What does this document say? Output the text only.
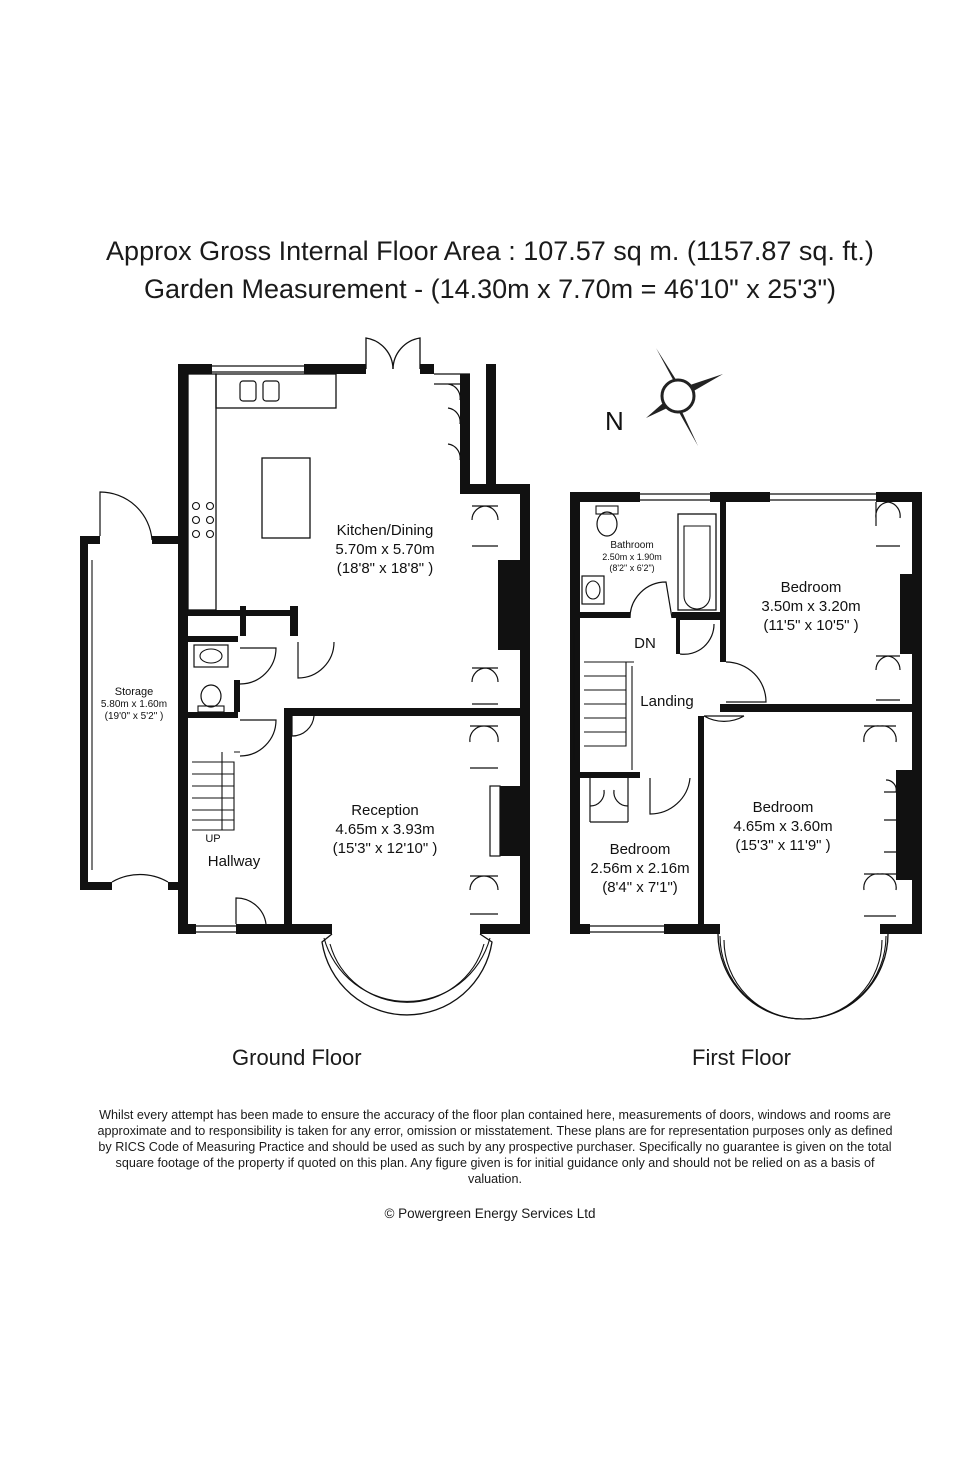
Approx Gross Internal Floor Area : 107.57 sq m. (1157.87 sq. ft.)
Garden Measurement - (14.30m x 7.70m = 46'10" x 25'3")
N
Kitchen/Dining
5.70m x 5.70m
(18'8" x 18'8" )
Reception
4.65m x 3.93m
(15'3" x 12'10" )
Storage
5.80m x 1.60m
(19'0" x 5'2" )
Hallway
UP
Bathroom
2.50m x 1.90m
(8'2" x 6'2")
Bedroom
3.50m x 3.20m
(11'5" x 10'5" )
Bedroom
4.65m x 3.60m
(15'3" x 11'9" )
Bedroom
2.56m x 2.16m
(8'4" x 7'1")
Landing
DN
Ground Floor	First Floor
Whilst every attempt has been made to ensure the accuracy of the floor plan contained here, measurements of doors, windows and rooms are approximate and to responsibility is taken for any error, omission or misstatement. These plans are for representation purposes only as defined by RICS Code of Measuring Practice and should be used as such by any prospective purchaser. Specifically no guarantee is given on the total square footage of the property if quoted on this plan. Any figure given is for initial guidance only and should not be relied on as a basis of valuation.
© Powergreen Energy Services Ltd
